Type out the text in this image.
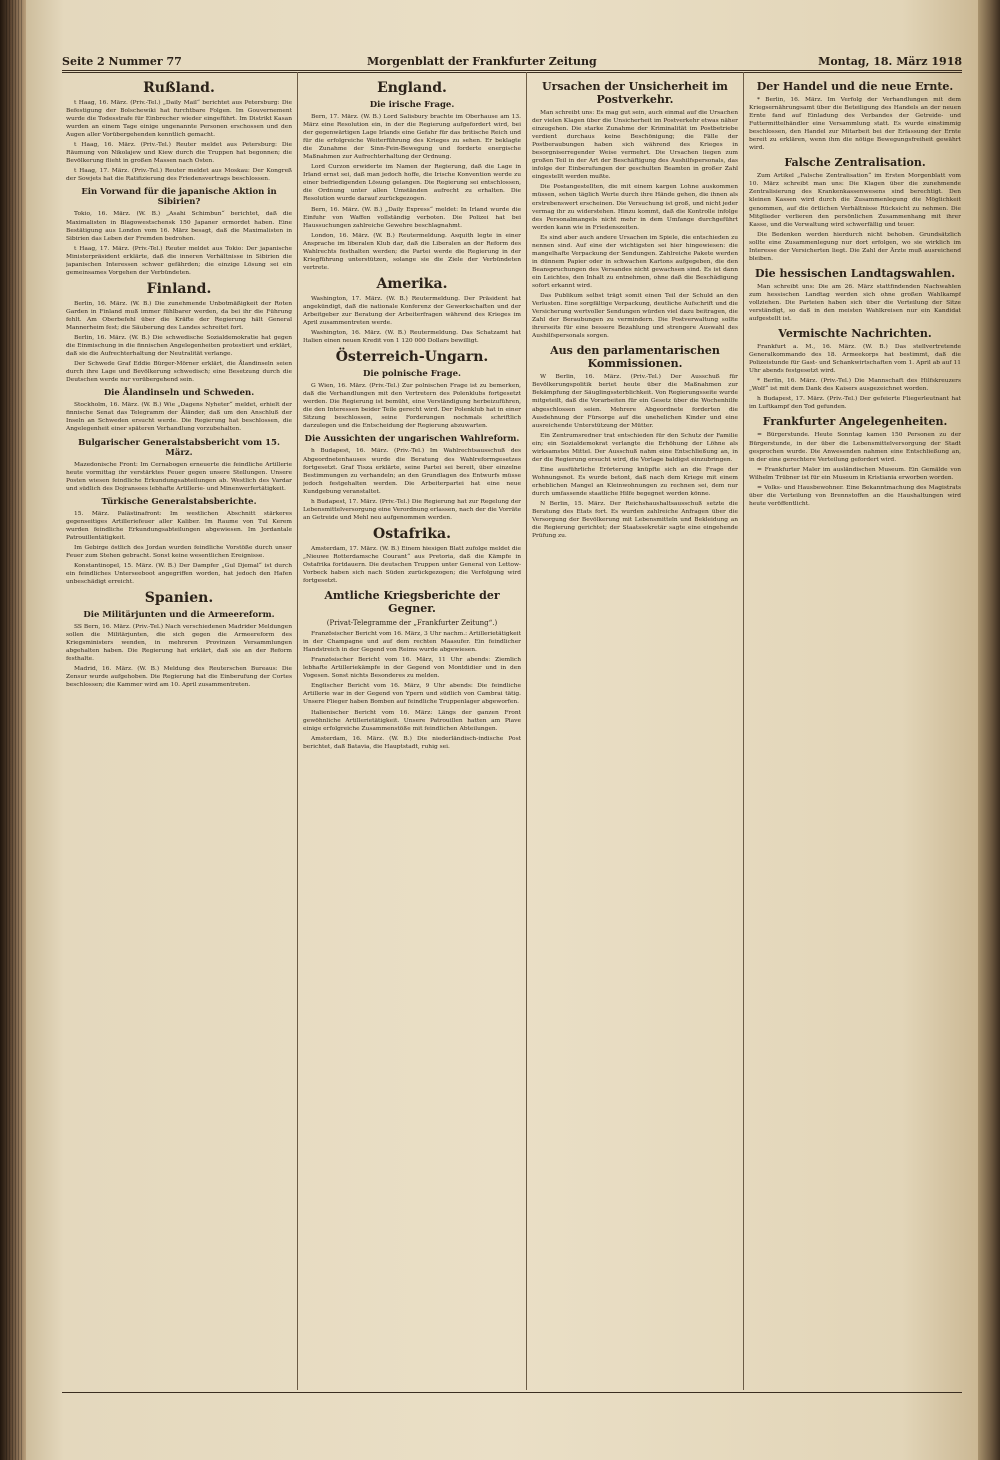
Seite 2 Nummer 77	Morgenblatt der Frankfurter Zeitung	Montag, 18. März 1918
Rußland.

t Haag, 16. März. (Priv.-Tel.) „Daily Mail“ berichtet aus Petersburg: Die Befestigung der Bolschewiki hat furchtbare Folgen. Im Gouvernement wurde die Todesstrafe für Einbrecher wieder eingeführt. Im Distrikt Kasan wurden an einem Tage einige ungenannte Personen erschossen und den Augen aller Vorübergehenden kenntlich gemacht.

t Haag, 16. März. (Priv.-Tel.) Reuter meldet aus Petersburg: Die Räumung von Nikolajew und Kiew durch die Truppen hat begonnen; die Bevölkerung flieht in großen Massen nach Osten.

t Haag, 17. März. (Priv.-Tel.) Reuter meldet aus Moskau: Der Kongreß der Sowjets hat die Ratifizierung des Friedensvertrags beschlossen.

Ein Vorwand für die japanische Aktion in Sibirien?

Tokio, 16. März. (W. B.) „Asahi Schimbun“ berichtet, daß die Maximalisten in Blagowestschensk 150 Japaner ermordet haben. Eine Bestätigung aus London vom 16. März besagt, daß die Maximalisten in Sibirien das Leben der Fremden bedrohen.

t Haag, 17. März. (Priv.-Tel.) Reuter meldet aus Tokio: Der japanische Ministerpräsident erklärte, daß die inneren Verhältnisse in Sibirien die japanischen Interessen schwer gefährden; die einzige Lösung sei ein gemeinsames Vorgehen der Verbündeten.

Finland.

Berlin, 16. März. (W. B.) Die zunehmende Unbotmäßigkeit der Roten Garden in Finland muß immer fühlbarer werden, da bei ihr die Führung fehlt. Am Oberbefehl über die Kräfte der Regierung hält General Mannerheim fest; die Säuberung des Landes schreitet fort.

Berlin, 16. März. (W. B.) Die schwedische Sozialdemokratie hat gegen die Einmischung in die finnischen Angelegenheiten protestiert und erklärt, daß sie die Aufrechterhaltung der Neutralität verlange.

Der Schwede Graf Eddie Bürger-Mörner erklärt, die Ålandinseln seien durch ihre Lage und Bevölkerung schwedisch; eine Besetzung durch die Deutschen werde nur vorübergehend sein.

Die Ålandinseln und Schweden.

Stockholm, 16. März. (W. B.) Wie „Dagens Nyheter“ meldet, erhielt der finnische Senat das Telegramm der Åländer, daß um den Anschluß der Inseln an Schweden ersucht werde. Die Regierung hat beschlossen, die Angelegenheit einer späteren Verhandlung vorzubehalten.

Bulgarischer Generalstabsbericht vom 15. März.

Mazedonische Front: Im Cernabogen erneuerte die feindliche Artillerie heute vormittag ihr verstärktes Feuer gegen unsere Stellungen. Unsere Posten wiesen feindliche Erkundungsabteilungen ab. Westlich des Vardar und südlich des Dojransees lebhafte Artillerie- und Minenwerfertätigkeit.

Türkische Generalstabsberichte.

15. März. Palästinafront: Im westlichen Abschnitt stärkeres gegenseitiges Artilleriefeuer aller Kaliber. Im Raume von Tul Kerem wurden feindliche Erkundungsabteilungen abgewiesen. Im Jordantale Patrouillentätigkeit.

Im Gebirge östlich des Jordan wurden feindliche Vorstöße durch unser Feuer zum Stehen gebracht. Sonst keine wesentlichen Ereignisse.

Konstantinopel, 15. März. (W. B.) Der Dampfer „Gul Djemal“ ist durch ein feindliches Unterseeboot angegriffen worden, hat jedoch den Hafen unbeschädigt erreicht.

Spanien.
Die Militärjunten und die Armeereform.

SS Bern, 16. März. (Priv.-Tel.) Nach verschiedenen Madrider Meldungen sollen die Militärjunten, die sich gegen die Armeereform des Kriegsministers wenden, in mehreren Provinzen Versammlungen abgehalten haben. Die Regierung hat erklärt, daß sie an der Reform festhalte.

Madrid, 16. März. (W. B.) Meldung des Reuterschen Bureaus: Die Zensur wurde aufgehoben. Die Regierung hat die Einberufung der Cortes beschlossen; die Kammer wird am 10. April zusammentreten.

England.
Die irische Frage.

Bern, 17. März. (W. B.) Lord Salisbury brachte im Oberhause am 13. März eine Resolution ein, in der die Regierung aufgefordert wird, bei der gegenwärtigen Lage Irlands eine Gefahr für das britische Reich und für die erfolgreiche Weiterführung des Krieges zu sehen. Er beklagte die Zunahme der Sinn-Fein-Bewegung und forderte energische Maßnahmen zur Aufrechterhaltung der Ordnung.

Lord Curzon erwiderte im Namen der Regierung, daß die Lage in Irland ernst sei, daß man jedoch hoffe, die Irische Konvention werde zu einer befriedigenden Lösung gelangen. Die Regierung sei entschlossen, die Ordnung unter allen Umständen aufrecht zu erhalten. Die Resolution wurde darauf zurückgezogen.

Bern, 16. März. (W. B.) „Daily Express“ meldet: In Irland wurde die Einfuhr von Waffen vollständig verboten. Die Polizei hat bei Haussuchungen zahlreiche Gewehre beschlagnahmt.

London, 16. März. (W. B.) Reutermeldung. Asquith legte in einer Ansprache im liberalen Klub dar, daß die Liberalen an der Reform des Wahlrechts festhalten werden; die Partei werde die Regierung in der Kriegführung unterstützen, solange sie die Ziele der Verbündeten vertrete.

Amerika.

Washington, 17. März. (W. B.) Reutermeldung. Der Präsident hat angekündigt, daß die nationale Konferenz der Gewerkschaften und der Arbeitgeber zur Beratung der Arbeiterfragen während des Krieges im April zusammentreten werde.

Washington, 16. März. (W. B.) Reutermeldung. Das Schatzamt hat Italien einen neuen Kredit von 1 120 000 Dollars bewilligt.

Österreich-Ungarn.
Die polnische Frage.

G Wien, 16. März. (Priv.-Tel.) Zur polnischen Frage ist zu bemerken, daß die Verhandlungen mit den Vertretern des Polenklubs fortgesetzt werden. Die Regierung ist bemüht, eine Verständigung herbeizuführen, die den Interessen beider Teile gerecht wird. Der Polenklub hat in einer Sitzung beschlossen, seine Forderungen nochmals schriftlich darzulegen und die Entscheidung der Regierung abzuwarten.

Die Aussichten der ungarischen Wahlreform.

h Budapest, 16. März. (Priv.-Tel.) Im Wahlrechtsausschuß des Abgeordnetenhauses wurde die Beratung des Wahlreformgesetzes fortgesetzt. Graf Tisza erklärte, seine Partei sei bereit, über einzelne Bestimmungen zu verhandeln; an den Grundlagen des Entwurfs müsse jedoch festgehalten werden. Die Arbeiterpartei hat eine neue Kundgebung veranstaltet.

h Budapest, 17. März. (Priv.-Tel.) Die Regierung hat zur Regelung der Lebensmittelversorgung eine Verordnung erlassen, nach der die Vorräte an Getreide und Mehl neu aufgenommen werden.

Ostafrika.

Amsterdam, 17. März. (W. B.) Einem hiesigen Blatt zufolge meldet die „Nieuwe Rotterdamsche Courant“ aus Pretoria, daß die Kämpfe in Ostafrika fortdauern. Die deutschen Truppen unter General von Lettow-Vorbeck haben sich nach Süden zurückgezogen; die Verfolgung wird fortgesetzt.

Amtliche Kriegsberichte der Gegner.
(Privat-Telegramme der „Frankfurter Zeitung“.)

Französischer Bericht vom 16. März, 3 Uhr nachm.: Artillerietätigkeit in der Champagne und auf dem rechten Maasufer. Ein feindlicher Handstreich in der Gegend von Reims wurde abgewiesen.

Französischer Bericht vom 16. März, 11 Uhr abends: Ziemlich lebhafte Artilleriekämpfe in der Gegend von Montdidier und in den Vogesen. Sonst nichts Besonderes zu melden.

Englischer Bericht vom 16. März, 9 Uhr abends: Die feindliche Artillerie war in der Gegend von Ypern und südlich von Cambrai tätig. Unsere Flieger haben Bomben auf feindliche Truppenlager abgeworfen.

Italienischer Bericht vom 16. März: Längs der ganzen Front gewöhnliche Artillerietätigkeit. Unsere Patrouillen hatten am Piave einige erfolgreiche Zusammenstöße mit feindlichen Abteilungen.

Amsterdam, 16. März. (W. B.) Die niederländisch-indische Post berichtet, daß Batavia, die Hauptstadt, ruhig sei.

Ursachen der Unsicherheit im Postverkehr.

Man schreibt uns: Es mag gut sein, auch einmal auf die Ursachen der vielen Klagen über die Unsicherheit im Postverkehr etwas näher einzugehen. Die starke Zunahme der Kriminalität im Postbetriebe verdient durchaus keine Beschönigung; die Fälle der Postberaubungen haben sich während des Krieges in besorgniserregender Weise vermehrt. Die Ursachen liegen zum großen Teil in der Art der Beschäftigung des Aushilfspersonals, das infolge der Einberufungen der geschulten Beamten in großer Zahl eingestellt werden mußte.

Die Postangestellten, die mit einem kargen Lohne auskommen müssen, sehen täglich Werte durch ihre Hände gehen, die ihnen als erstrebenswert erscheinen. Die Versuchung ist groß, und nicht jeder vermag ihr zu widerstehen. Hinzu kommt, daß die Kontrolle infolge des Personalmangels nicht mehr in dem Umfange durchgeführt werden kann wie in Friedenszeiten.

Es sind aber auch andere Ursachen im Spiele, die entschieden zu nennen sind. Auf eine der wichtigsten sei hier hingewiesen: die mangelhafte Verpackung der Sendungen. Zahlreiche Pakete werden in dünnem Papier oder in schwachen Kartons aufgegeben, die den Beanspruchungen des Versandes nicht gewachsen sind. Es ist dann ein Leichtes, den Inhalt zu entnehmen, ohne daß die Beschädigung sofort erkannt wird.

Das Publikum selbst trägt somit einen Teil der Schuld an den Verlusten. Eine sorgfältige Verpackung, deutliche Aufschrift und die Versicherung wertvoller Sendungen würden viel dazu beitragen, die Zahl der Beraubungen zu vermindern. Die Postverwaltung sollte ihrerseits für eine bessere Bezahlung und strengere Auswahl des Aushilfspersonals sorgen.

Aus den parlamentarischen Kommissionen.

W Berlin, 16. März. (Priv.-Tel.) Der Ausschuß für Bevölkerungspolitik beriet heute über die Maßnahmen zur Bekämpfung der Säuglingssterblichkeit. Von Regierungsseite wurde mitgeteilt, daß die Vorarbeiten für ein Gesetz über die Wochenhilfe abgeschlossen seien. Mehrere Abgeordnete forderten die Ausdehnung der Fürsorge auf die unehelichen Kinder und eine ausreichende Unterstützung der Mütter.

Ein Zentrumsredner trat entschieden für den Schutz der Familie ein; ein Sozialdemokrat verlangte die Erhöhung der Löhne als wirksamstes Mittel. Der Ausschuß nahm eine Entschließung an, in der die Regierung ersucht wird, die Vorlage baldigst einzubringen.

Eine ausführliche Erörterung knüpfte sich an die Frage der Wohnungsnot. Es wurde betont, daß nach dem Kriege mit einem erheblichen Mangel an Kleinwohnungen zu rechnen sei, dem nur durch umfassende staatliche Hilfe begegnet werden könne.

N Berlin, 15. März. Der Reichshaushaltsausschuß setzte die Beratung des Etats fort. Es wurden zahlreiche Anfragen über die Versorgung der Bevölkerung mit Lebensmitteln und Bekleidung an die Regierung gerichtet; der Staatssekretär sagte eine eingehende Prüfung zu.

Der Handel und die neue Ernte.

* Berlin, 16. März. Im Verfolg der Verhandlungen mit dem Kriegsernährungsamt über die Beteiligung des Handels an der neuen Ernte fand auf Einladung des Verbandes der Getreide- und Futtermittelhändler eine Versammlung statt. Es wurde einstimmig beschlossen, den Handel zur Mitarbeit bei der Erfassung der Ernte bereit zu erklären, wenn ihm die nötige Bewegungsfreiheit gewährt wird.

Falsche Zentralisation.

Zum Artikel „Falsche Zentralisation“ im Ersten Morgenblatt vom 10. März schreibt man uns: Die Klagen über die zunehmende Zentralisierung des Krankenkassenwesens sind berechtigt. Den kleinen Kassen wird durch die Zusammenlegung die Möglichkeit genommen, auf die örtlichen Verhältnisse Rücksicht zu nehmen. Die Mitglieder verlieren den persönlichen Zusammenhang mit ihrer Kasse, und die Verwaltung wird schwerfällig und teuer.

Die Bedenken werden hierdurch nicht behoben. Grundsätzlich sollte eine Zusammenlegung nur dort erfolgen, wo sie wirklich im Interesse der Versicherten liegt. Die Zahl der Ärzte muß ausreichend bleiben.

Die hessischen Landtagswahlen.

Man schreibt uns: Die am 26. März stattfindenden Nachwahlen zum hessischen Landtag werden sich ohne großen Wahlkampf vollziehen. Die Parteien haben sich über die Verteilung der Sitze verständigt, so daß in den meisten Wahlkreisen nur ein Kandidat aufgestellt ist.

Vermischte Nachrichten.

Frankfurt a. M., 16. März. (W. B.) Das stellvertretende Generalkommando des 18. Armeekorps hat bestimmt, daß die Polizeistunde für Gast- und Schankwirtschaften vom 1. April ab auf 11 Uhr abends festgesetzt wird.

* Berlin, 16. März. (Priv.-Tel.) Die Mannschaft des Hilfskreuzers „Wolf“ ist mit dem Dank des Kaisers ausgezeichnet worden.

h Budapest, 17. März. (Priv.-Tel.) Der gefeierte Fliegerleutnant hat im Luftkampf den Tod gefunden.

Frankfurter Angelegenheiten.

= Bürgerstunde. Heute Sonntag kamen 150 Personen zu der Bürgerstunde, in der über die Lebensmittelversorgung der Stadt gesprochen wurde. Die Anwesenden nahmen eine Entschließung an, in der eine gerechtere Verteilung gefordert wird.

= Frankfurter Maler im ausländischen Museum. Ein Gemälde von Wilhelm Trübner ist für ein Museum in Kristiania erworben worden.

= Volks- und Hausbewohner. Eine Bekanntmachung des Magistrats über die Verteilung von Brennstoffen an die Haushaltungen wird heute veröffentlicht.
